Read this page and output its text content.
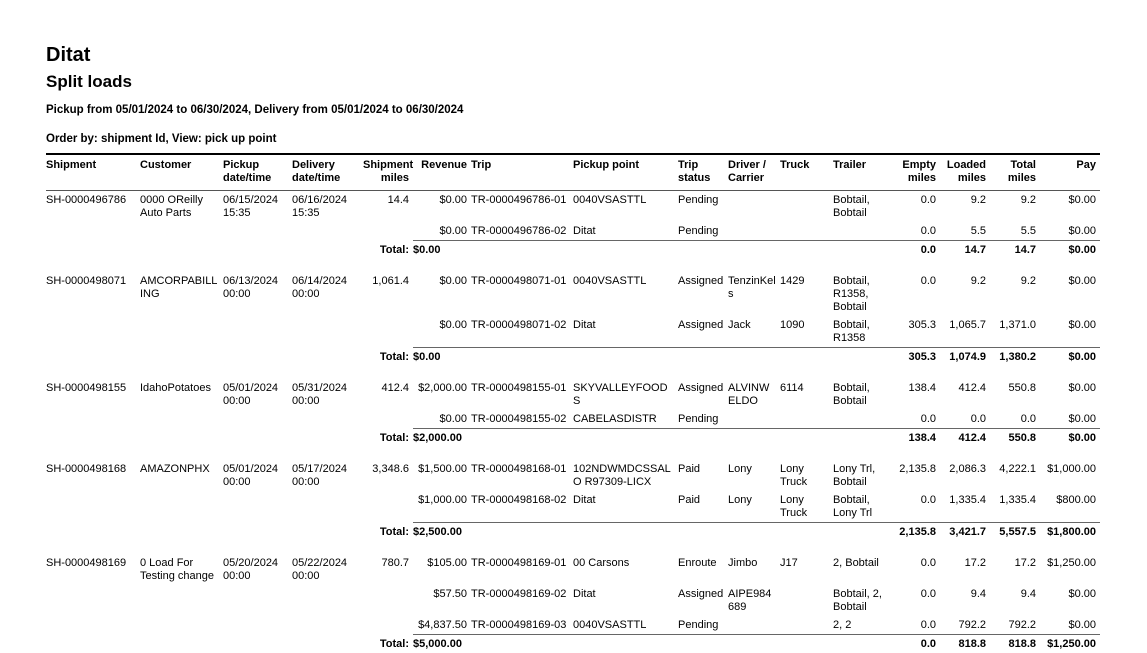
Ditat
Split loads

Pickup from 05/01/2024 to 06/30/2024, Delivery from 05/01/2024 to 06/30/2024

Order by: shipment Id, View: pick up point

Shipment	Customer	Pickup date/time	Delivery date/time	Shipment miles	Revenue	Trip	Pickup point	Trip status	Driver / Carrier	Truck	Trailer	Empty miles	Loaded miles	Total miles	Pay
SH-0000496786	0000 OReilly Auto Parts	06/15/2024 15:35	06/16/2024 15:35	14.4	$0.00	TR-0000496786-01	0040VSASTTL	Pending			Bobtail, Bobtail	0.0	9.2	9.2	$0.00
					$0.00	TR-0000496786-02	Ditat	Pending				0.0	5.5	5.5	$0.00
				Total:	$0.00							0.0	14.7	14.7	$0.00

SH-0000498071	AMCORPABILLING	06/13/2024 00:00	06/14/2024 00:00	1,061.4	$0.00	TR-0000498071-01	0040VSASTTL	Assigned	TenzinKels	1429	Bobtail, R1358, Bobtail	0.0	9.2	9.2	$0.00
					$0.00	TR-0000498071-02	Ditat	Assigned	Jack	1090	Bobtail, R1358	305.3	1,065.7	1,371.0	$0.00
				Total:	$0.00							305.3	1,074.9	1,380.2	$0.00

SH-0000498155	IdahoPotatoes	05/01/2024 00:00	05/31/2024 00:00	412.4	$2,000.00	TR-0000498155-01	SKYVALLEYFOODS	Assigned	ALVINWELDO	6114	Bobtail, Bobtail	138.4	412.4	550.8	$0.00
					$0.00	TR-0000498155-02	CABELASDISTR	Pending				0.0	0.0	0.0	$0.00
				Total:	$2,000.00							138.4	412.4	550.8	$0.00

SH-0000498168	AMAZONPHX	05/01/2024 00:00	05/17/2024 00:00	3,348.6	$1,500.00	TR-0000498168-01	102NDWMDCSSALO R97309-LICX	Paid	Lony	Lony Truck	Lony Trl, Bobtail	2,135.8	2,086.3	4,222.1	$1,000.00
					$1,000.00	TR-0000498168-02	Ditat	Paid	Lony	Lony Truck	Bobtail, Lony Trl	0.0	1,335.4	1,335.4	$800.00
				Total:	$2,500.00							2,135.8	3,421.7	5,557.5	$1,800.00

SH-0000498169	0 Load For Testing change	05/20/2024 00:00	05/22/2024 00:00	780.7	$105.00	TR-0000498169-01	00 Carsons	Enroute	Jimbo	J17	2, Bobtail	0.0	17.2	17.2	$1,250.00
					$57.50	TR-0000498169-02	Ditat	Assigned	AIPE984689		Bobtail, 2, Bobtail	0.0	9.4	9.4	$0.00
					$4,837.50	TR-0000498169-03	0040VSASTTL	Pending			2, 2	0.0	792.2	792.2	$0.00
				Total:	$5,000.00							0.0	818.8	818.8	$1,250.00
